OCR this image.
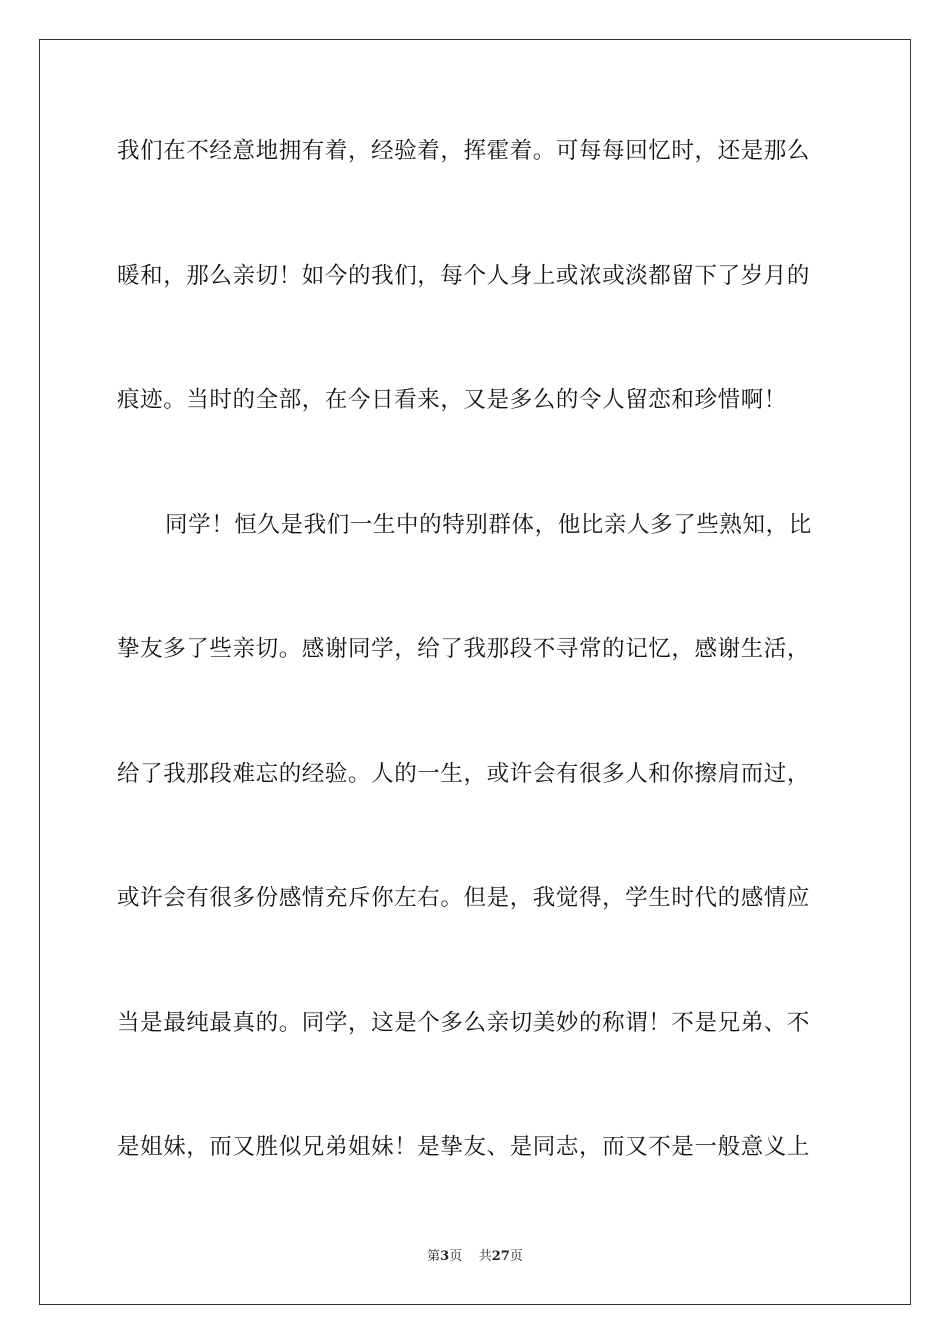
我们在不经意地拥有着，经验着，挥霍着。可每每回忆时，还是那么
暖和，那么亲切！如今的我们，每个人身上或浓或淡都留下了岁月的
痕迹。当时的全部，在今日看来，又是多么的令人留恋和珍惜啊！
同学！恒久是我们一生中的特别群体，他比亲人多了些熟知，比
挚友多了些亲切。感谢同学，给了我那段不寻常的记忆，感谢生活，
给了我那段难忘的经验。人的一生，或许会有很多人和你擦肩而过，
或许会有很多份感情充斥你左右。但是，我觉得，学生时代的感情应
当是最纯最真的。同学，这是个多么亲切美妙的称谓！不是兄弟、不
是姐妹，而又胜似兄弟姐妹！是挚友、是同志，而又不是一般意义上
第3页 共27页
